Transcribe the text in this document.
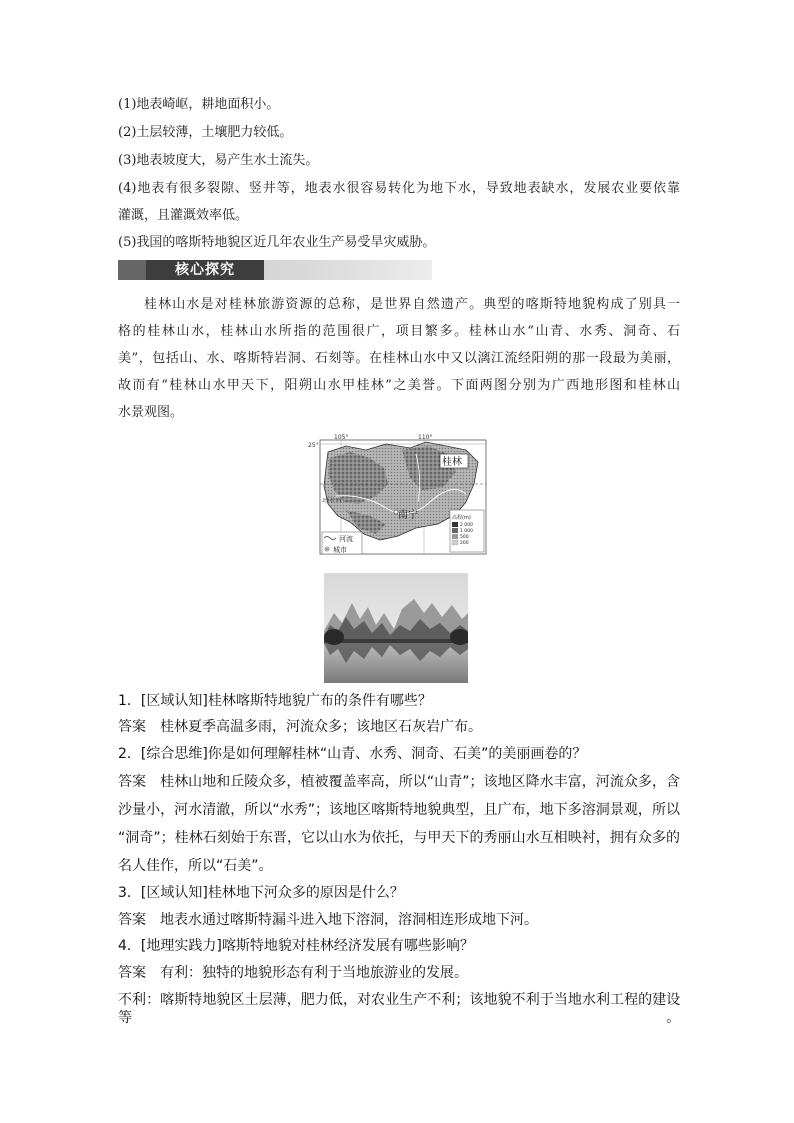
(1)地表崎岖，耕地面积小。
(2)土层较薄，土壤肥力较低。
(3)地表坡度大，易产生水土流失。
(4)地表有很多裂隙、竖井等，地表水很容易转化为地下水，导致地表缺水，发展农业要依靠
灌溉，且灌溉效率低。
(5)我国的喀斯特地貌区近几年农业生产易受旱灾威胁。
核心探究
桂林山水是对桂林旅游资源的总称，是世界自然遗产。典型的喀斯特地貌构成了别具一
格的桂林山水，桂林山水所指的范围很广，项目繁多。桂林山水“山青、水秀、洞奇、石
美”，包括山、水、喀斯特岩洞、石刻等。在桂林山水中又以漓江流经阳朔的那一段最为美丽，
故而有“桂林山水甲天下，阳朔山水甲桂林”之美誉。下面两图分别为广西地形图和桂林山
水景观图。
105°	110°
25°
桂林
南宁
北回归线
高程(m)
2 000
1 000
500
200
河流
城市
1．[区域认知]桂林喀斯特地貌广布的条件有哪些？
答案 桂林夏季高温多雨，河流众多；该地区石灰岩广布。
2．[综合思维]你是如何理解桂林“山青、水秀、洞奇、石美”的美丽画卷的？
答案 桂林山地和丘陵众多，植被覆盖率高，所以“山青”；该地区降水丰富，河流众多，含
沙量小，河水清澈，所以“水秀”；该地区喀斯特地貌典型，且广布，地下多溶洞景观，所以
“洞奇”；桂林石刻始于东晋，它以山水为依托，与甲天下的秀丽山水互相映衬，拥有众多的
名人佳作，所以“石美”。
3．[区域认知]桂林地下河众多的原因是什么？
答案 地表水通过喀斯特漏斗进入地下溶洞，溶洞相连形成地下河。
4．[地理实践力]喀斯特地貌对桂林经济发展有哪些影响？
答案 有利：独特的地貌形态有利于当地旅游业的发展。
不利：喀斯特地貌区土层薄，肥力低，对农业生产不利；该地貌不利于当地水利工程的建设等。
